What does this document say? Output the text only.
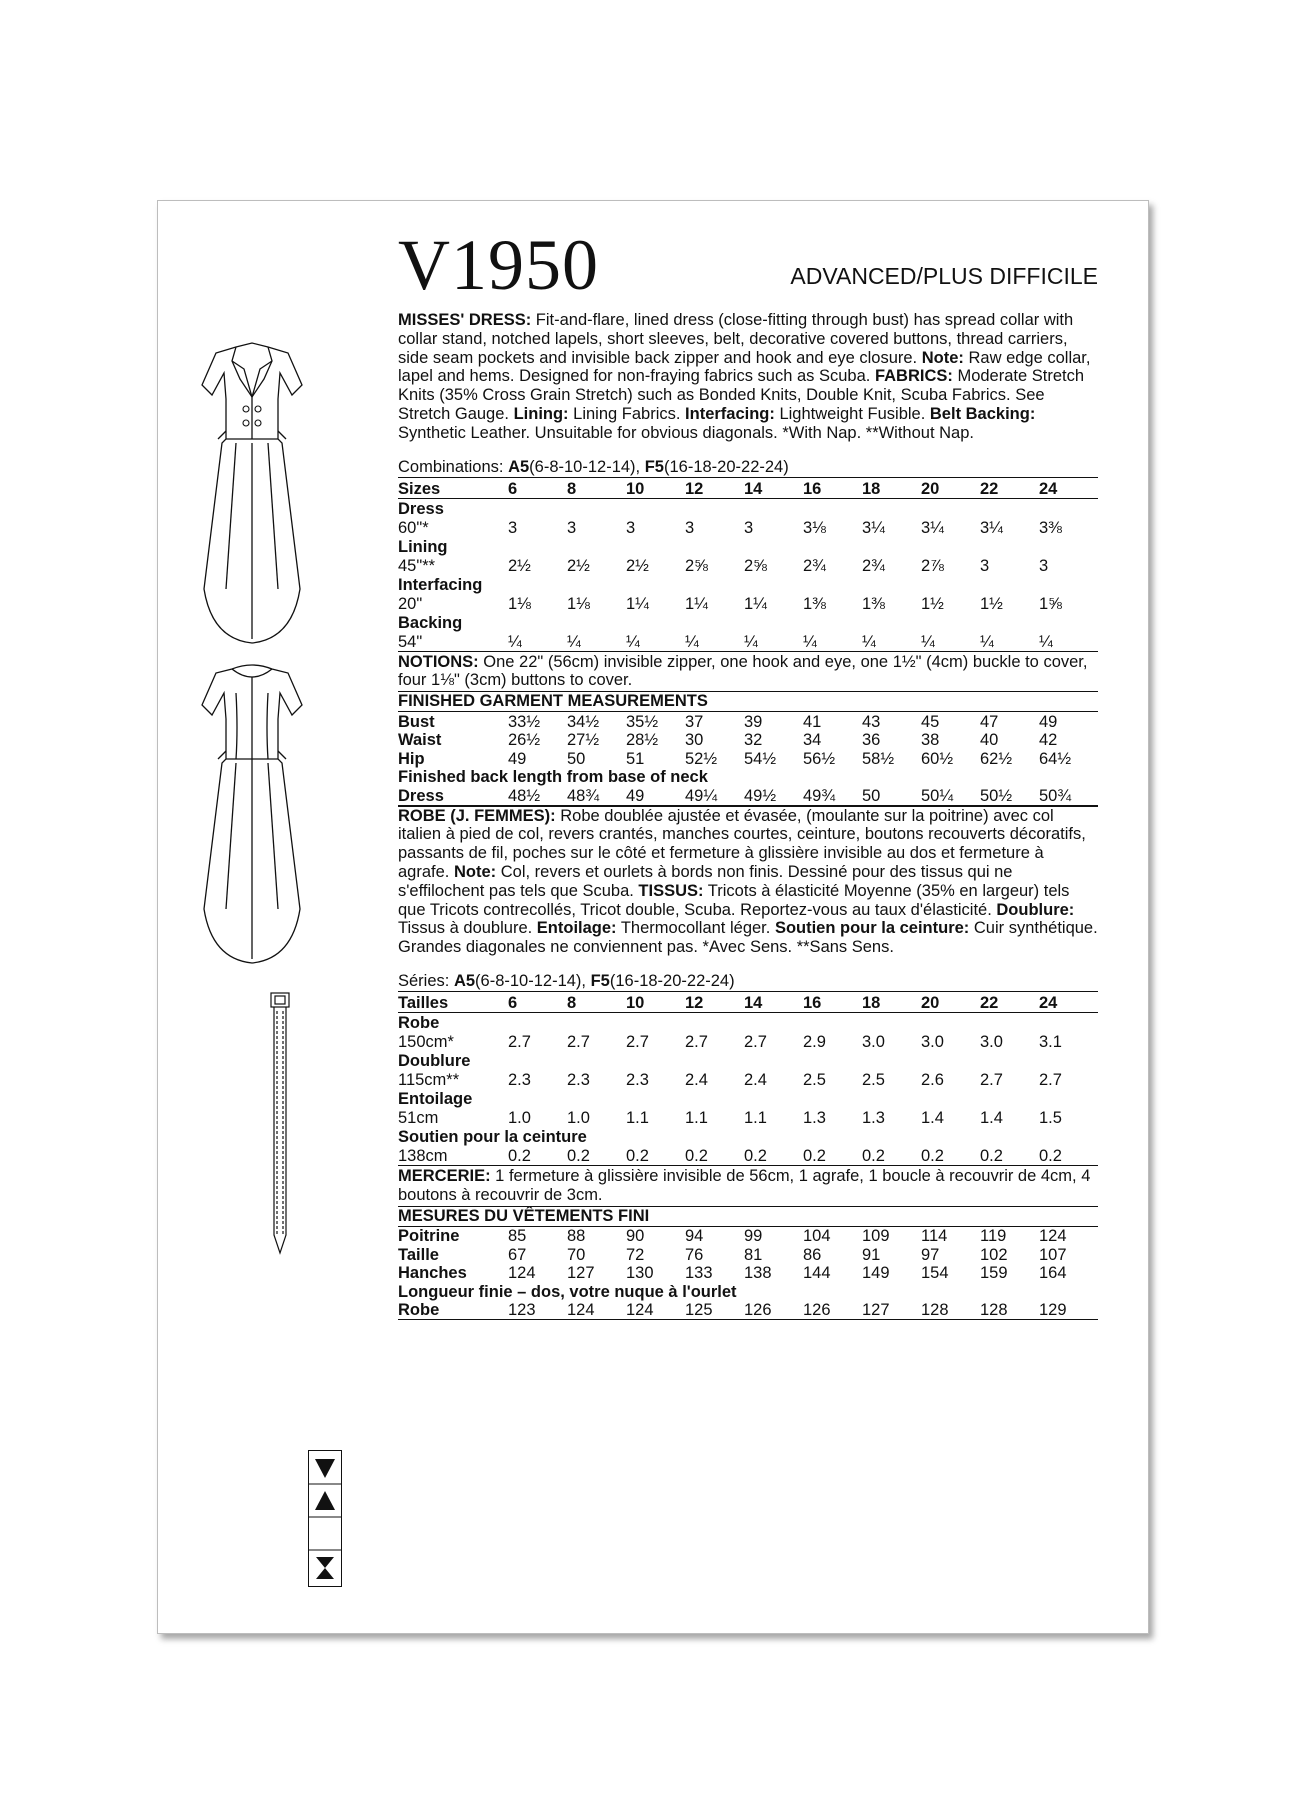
V1950	ADVANCED/PLUS DIFFICILE

MISSES' DRESS: Fit-and-flare, lined dress (close-fitting through bust) has spread collar with collar stand, notched lapels, short sleeves, belt, decorative covered buttons, thread carriers, side seam pockets and invisible back zipper and hook and eye closure. Note: Raw edge collar, lapel and hems. Designed for non-fraying fabrics such as Scuba. FABRICS: Moderate Stretch Knits (35% Cross Grain Stretch) such as Bonded Knits, Double Knit, Scuba Fabrics. See Stretch Gauge. Lining: Lining Fabrics. Interfacing: Lightweight Fusible. Belt Backing: Synthetic Leather. Unsuitable for obvious diagonals. *With Nap. **Without Nap.

Combinations: A5(6-8-10-12-14), F5(16-18-20-22-24)
Sizes	6	8	10	12	14	16	18	20	22	24
Dress										
60"*	3	3	3	3	3	3⅛	3¼	3¼	3¼	3⅜
Lining										
45"**	2½	2½	2½	2⅝	2⅝	2¾	2¾	2⅞	3	3
Interfacing										
20"	1⅛	1⅛	1¼	1¼	1¼	1⅜	1⅜	1½	1½	1⅝
Backing										
54"	¼	¼	¼	¼	¼	¼	¼	¼	¼	¼
NOTIONS: One 22" (56cm) invisible zipper, one hook and eye, one 1½" (4cm) buckle to cover, four 1⅛" (3cm) buttons to cover.
FINISHED GARMENT MEASUREMENTS
Bust	33½	34½	35½	37	39	41	43	45	47	49
Waist	26½	27½	28½	30	32	34	36	38	40	42
Hip	49	50	51	52½	54½	56½	58½	60½	62½	64½
Finished back length from base of neck										
Dress	48½	48¾	49	49¼	49½	49¾	50	50¼	50½	50¾

ROBE (J. FEMMES): Robe doublée ajustée et évasée, (moulante sur la poitrine) avec col italien à pied de col, revers crantés, manches courtes, ceinture, boutons recouverts décoratifs, passants de fil, poches sur le côté et fermeture à glissière invisible au dos et fermeture à agrafe. Note: Col, revers et ourlets à bords non finis. Dessiné pour des tissus qui ne s'effilochent pas tels que Scuba. TISSUS: Tricots à élasticité Moyenne (35% en largeur) tels que Tricots contrecollés, Tricot double, Scuba. Reportez-vous au taux d'élasticité. Doublure: Tissus à doublure. Entoilage: Thermocollant léger. Soutien pour la ceinture: Cuir synthétique. Grandes diagonales ne conviennent pas. *Avec Sens. **Sans Sens.

Séries: A5(6-8-10-12-14), F5(16-18-20-22-24)
Tailles	6	8	10	12	14	16	18	20	22	24
Robe										
150cm*	2.7	2.7	2.7	2.7	2.7	2.9	3.0	3.0	3.0	3.1
Doublure										
115cm**	2.3	2.3	2.3	2.4	2.4	2.5	2.5	2.6	2.7	2.7
Entoilage										
51cm	1.0	1.0	1.1	1.1	1.1	1.3	1.3	1.4	1.4	1.5
Soutien pour la ceinture										
138cm	0.2	0.2	0.2	0.2	0.2	0.2	0.2	0.2	0.2	0.2
MERCERIE: 1 fermeture à glissière invisible de 56cm, 1 agrafe, 1 boucle à recouvrir de 4cm, 4 boutons à recouvrir de 3cm.
MESURES DU VÊTEMENTS FINI
Poitrine	85	88	90	94	99	104	109	114	119	124
Taille	67	70	72	76	81	86	91	97	102	107
Hanches	124	127	130	133	138	144	149	154	159	164
Longueur finie – dos, votre nuque à l'ourlet										
Robe	123	124	124	125	126	126	127	128	128	129
